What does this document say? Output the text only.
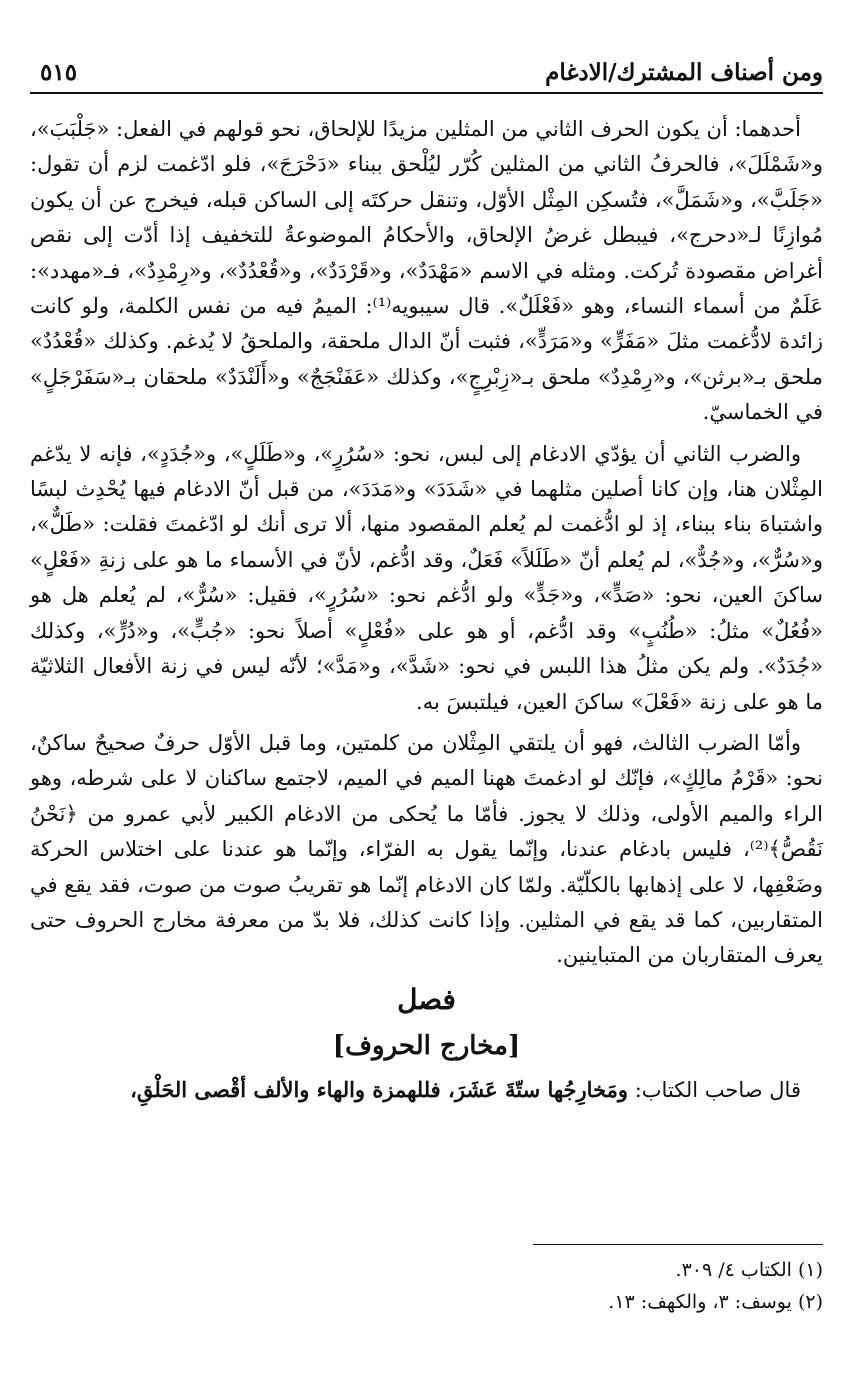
ومن أصناف المشترك/الادغام
٥١٥

أحدهما: أن يكون الحرف الثاني من المثلين مزيدًا للإلحاق، نحو قولهم في الفعل: «جَلْبَبَ»، و«شَمْلَلَ»، فالحرفُ الثاني من المثلين كُرّر ليُلْحق ببناء «دَحْرَجَ»، فلو ادّغمت لزم أن تقول: «جَلَبَّ»، و«شَمَلَّ»، فتُسكِن المِثْل الأوّل، وتنقل حركتَه إلى الساكن قبله، فيخرج عن أن يكون مُوازِنًا لـ«دحرج»، فيبطل غرضُ الإلحاق، والأحكامُ الموضوعةُ للتخفيف إذا أدّت إلى نقص أغراض مقصودة تُركت. ومثله في الاسم «مَهْدَدٌ»، و«قَرْدَدٌ»، و«قُعْدُدٌ»، و«رِمْدِدٌ»، فـ«مهدد»: عَلَمٌ من أسماء النساء، وهو «فَعْلَلٌ». قال سيبويه⁽¹⁾: الميمُ فيه من نفس الكلمة، ولو كانت زائدة لادُّغمت مثلَ «مَفَرٍّ» و«مَرَدٍّ»، فثبت أنّ الدال ملحقة، والملحقُ لا يُدغم. وكذلك «قُعْدُدٌ» ملحق بـ«برثن»، و«رِمْدِدٌ» ملحق بـ«زِبْرِجٍ»، وكذلك «عَفَنْجَجٌ» و«أَلَنْدَدٌ» ملحقان بـ«سَفَرْجَلٍ» في الخماسيّ.

والضرب الثاني أن يؤدّي الادغام إلى لبس، نحو: «سُرُرٍ»، و«طَلَلٍ»، و«جُدَدٍ»، فإنه لا يدّغم المِثْلان هنا، وإن كانا أصلين مثلهما في «شَدَدَ» و«مَدَدَ»، من قبل أنّ الادغام فيها يُحْدِث لبسًا واشتباهَ بناء ببناء، إذ لو ادُّغمت لم يُعلم المقصود منها، ألا ترى أنك لو ادّغمتَ فقلت: «طَلٌّ»، و«سُرٌّ»، و«جُدٌّ»، لم يُعلم أنّ «طَلَلاً» فَعَلٌ، وقد ادُّغم، لأنّ في الأسماء ما هو على زنةِ «فَعْلٍ» ساكنَ العين، نحو: «صَدٍّ»، و«جَدٍّ» ولو ادُّغم نحو: «سُرُرٍ»، فقيل: «سُرٌّ»، لم يُعلم هل هو «فُعُلٌ» مثلُ: «طُنُبٍ» وقد ادُّغم، أو هو على «فُعْلٍ» أصلاً نحو: «جُبٍّ»، و«دُرٍّ»، وكذلك «جُدَدٌ». ولم يكن مثلُ هذا اللبس في نحو: «شَدَّ»، و«مَدَّ»؛ لأنّه ليس في زنة الأفعال الثلاثيّة ما هو على زنة «فَعْلَ» ساكنَ العين، فيلتبسَ به.

وأمّا الضرب الثالث، فهو أن يلتقي المِثْلان من كلمتين، وما قبل الأوّل حرفٌ صحيحٌ ساكنٌ، نحو: «قَرْمُ مالِكٍ»، فإنّك لو ادغمتَ ههنا الميم في الميم، لاجتمع ساكنان لا على شرطه، وهو الراء والميم الأولى، وذلك لا يجوز. فأمّا ما يُحكى من الادغام الكبير لأبي عمرو من ﴿نَحْنُ نَقُصُّ﴾⁽²⁾، فليس بادغام عندنا، وإنّما يقول به الفرّاء، وإنّما هو عندنا على اختلاس الحركة وضَعْفِها، لا على إذهابها بالكلّيّة. ولمّا كان الادغام إنّما هو تقريبُ صوت من صوت، فقد يقع في المتقاربين، كما قد يقع في المثلين. وإذا كانت كذلك، فلا بدّ من معرفة مخارج الحروف حتى يعرف المتقاربان من المتباينين.

فصل

[مخارج الحروف]

قال صاحب الكتاب: ومَخارِجُها ستّةَ عَشَرَ، فللهمزة والهاء والألف أقْصى الحَلْقِ،

(١) الكتاب ٤/ ٣٠٩.
(٢) يوسف: ٣، والكهف: ١٣.
